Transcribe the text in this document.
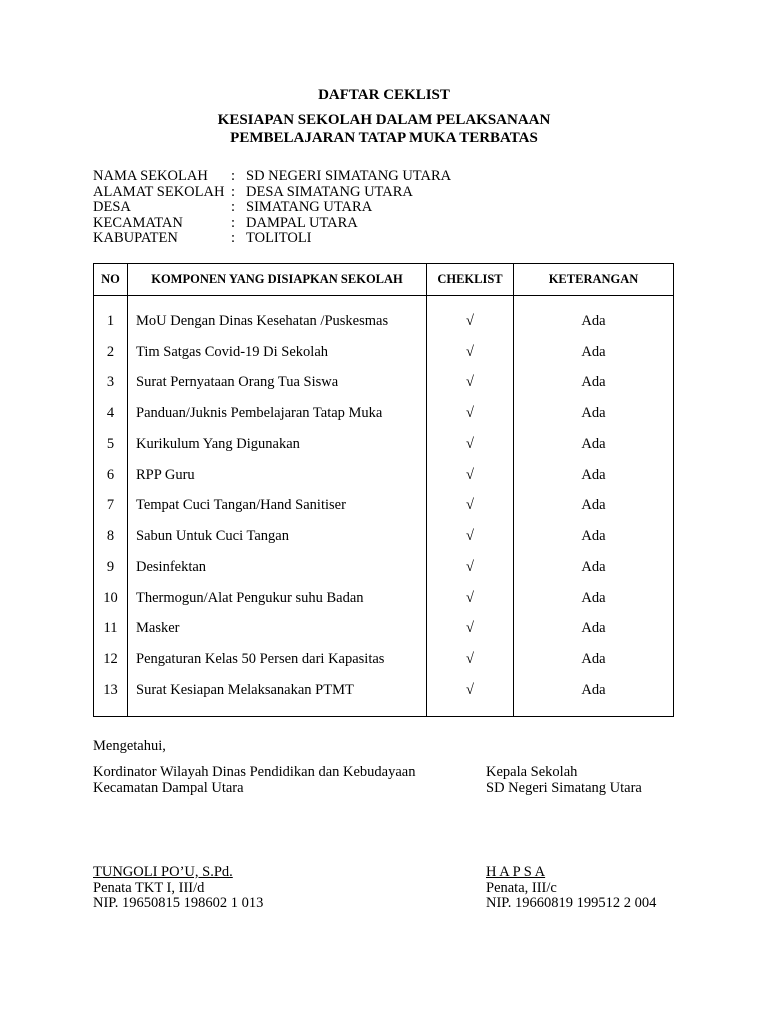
DAFTAR CEKLIST
KESIAPAN SEKOLAH DALAM PELAKSANAAN
PEMBELAJARAN TATAP MUKA TERBATAS
NAMA SEKOLAH : SD NEGERI SIMATANG UTARA
ALAMAT SEKOLAH : DESA SIMATANG UTARA
DESA	: SIMATANG UTARA
KECAMATAN	: DAMPAL UTARA
KABUPATEN	: TOLITOLI
NO	KOMPONEN YANG DISIAPKAN SEKOLAH	CHEKLIST	KETERANGAN
1	MoU Dengan Dinas Kesehatan /Puskesmas	√	Ada
2	Tim Satgas Covid-19 Di Sekolah	√	Ada
3	Surat Pernyataan Orang Tua Siswa	√	Ada
4	Panduan/Juknis Pembelajaran Tatap Muka	√	Ada
5	Kurikulum Yang Digunakan	√	Ada
6	RPP Guru	√	Ada
7	Tempat Cuci Tangan/Hand Sanitiser	√	Ada
8	Sabun Untuk Cuci Tangan	√	Ada
9	Desinfektan	√	Ada
10	Thermogun/Alat Pengukur suhu Badan	√	Ada
11	Masker	√	Ada
12	Pengaturan Kelas 50 Persen dari Kapasitas	√	Ada
13	Surat Kesiapan Melaksanakan PTMT	√	Ada
Mengetahui,
Kordinator Wilayah Dinas Pendidikan dan Kebudayaan
Kecamatan Dampal Utara
TUNGOLI PO’U, S.Pd.
Penata TKT I, III/d
NIP. 19650815 198602 1 013
Kepala Sekolah
SD Negeri Simatang Utara
H A P S A
Penata, III/c
NIP. 19660819 199512 2 004
